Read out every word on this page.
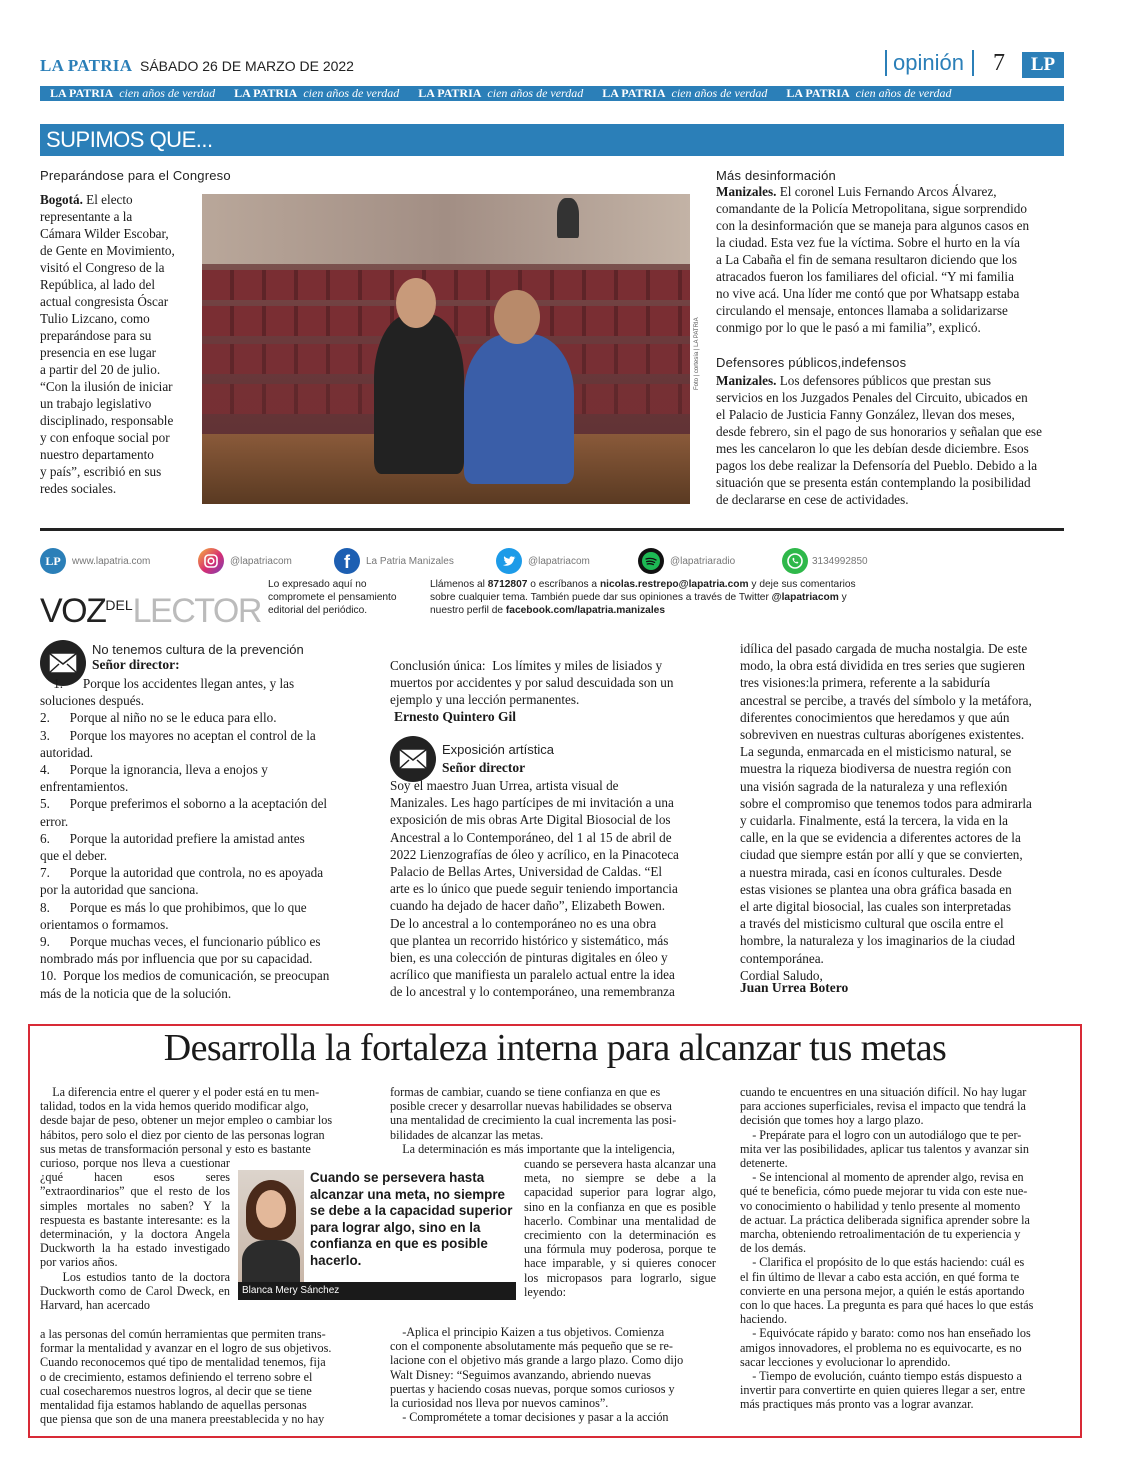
LA PATRIA SÁBADO 26 DE MARZO DE 2022	opinión	7	LP
LA PATRIA cien años de verdad LA PATRIA cien años de verdad LA PATRIA cien años de verdad LA PATRIA cien años de verdad LA PATRIA cien años de verdad
SUPIMOS QUE...
Preparándose para el Congreso
Bogotá. El electo
representante a la
Cámara Wilder Escobar,
de Gente en Movimiento,
visitó el Congreso de la
República, al lado del
actual congresista Óscar
Tulio Lizcano, como
preparándose para su
presencia en ese lugar
a partir del 20 de julio.
“Con la ilusión de iniciar
un trabajo legislativo
disciplinado, responsable
y con enfoque social por
nuestro departamento
y país”, escribió en sus
redes sociales.
Foto | cortesía | LA PATRIA
Más desinformación
Manizales. El coronel Luis Fernando Arcos Álvarez,
comandante de la Policía Metropolitana, sigue sorprendido
con la desinformación que se maneja para algunos casos en
la ciudad. Esta vez fue la víctima. Sobre el hurto en la vía
a La Cabaña el fin de semana resultaron diciendo que los
atracados fueron los familiares del oficial. “Y mi familia
no vive acá. Una líder me contó que por Whatsapp estaba
circulando el mensaje, entonces llamaba a solidarizarse
conmigo por lo que le pasó a mi familia”, explicó.
Defensores públicos,indefensos
Manizales. Los defensores públicos que prestan sus
servicios en los Juzgados Penales del Circuito, ubicados en
el Palacio de Justicia Fanny González, llevan dos meses,
desde febrero, sin el pago de sus honorarios y señalan que ese
mes les cancelaron lo que les debían desde diciembre. Esos
pagos los debe realizar la Defensoría del Pueblo. Debido a la
situación que se presenta están contemplando la posibilidad
de declararse en cese de actividades.
LP	www.lapatria.com	@lapatriacom	f	La Patria Manizales	@lapatriacom	@lapatriaradio	3134992850
$VOZ^{DEL}LECTOR$
Lo expresado aquí no compromete el pensamiento editorial del periódico.
Llámenos al 8712807 o escríbanos a nicolas.restrepo@lapatria.com y deje sus comentarios sobre cualquier tema. También puede dar sus opiniones a través de Twitter @lapatriacom y nuestro perfil de facebook.com/lapatria.manizales
No tenemos cultura de la prevención
Señor director:
1.      Porque los accidentes llegan antes, y las
soluciones después.
2.      Porque al niño no se le educa para ello.
3.      Porque los mayores no aceptan el control de la
autoridad.
4.      Porque la ignorancia, lleva a enojos y
enfrentamientos.
5.      Porque preferimos el soborno a la aceptación del
error.
6.      Porque la autoridad prefiere la amistad antes
que el deber.
7.      Porque la autoridad que controla, no es apoyada
por la autoridad que sanciona.
8.      Porque es más lo que prohibimos, que lo que
orientamos o formamos.
9.      Porque muchas veces, el funcionario público es
nombrado más por influencia que por su capacidad.
10.  Porque los medios de comunicación, se preocupan
más de la noticia que de la solución.
Conclusión única:  Los límites y miles de lisiados y
muertos por accidentes y por salud descuidada son un
ejemplo y una lección permanentes.
Ernesto Quintero Gil
Exposición artística
Señor director
Soy el maestro Juan Urrea, artista visual de
Manizales. Les hago partícipes de mi invitación a una
exposición de mis obras Arte Digital Biosocial de los
Ancestral a lo Contemporáneo, del 1 al 15 de abril de
2022 Lienzografías de óleo y acrílico, en la Pinacoteca
Palacio de Bellas Artes, Universidad de Caldas. “El
arte es lo único que puede seguir teniendo importancia
cuando ha dejado de hacer daño”, Elizabeth Bowen.
De lo ancestral a lo contemporáneo no es una obra
que plantea un recorrido histórico y sistemático, más
bien, es una colección de pinturas digitales en óleo y
acrílico que manifiesta un paralelo actual entre la idea
de lo ancestral y lo contemporáneo, una remembranza
idílica del pasado cargada de mucha nostalgia. De este
modo, la obra está dividida en tres series que sugieren
tres visiones:la primera, referente a la sabiduría
ancestral se percibe, a través del símbolo y la metáfora,
diferentes conocimientos que heredamos y que aún
sobreviven en nuestras culturas aborígenes existentes.
La segunda, enmarcada en el misticismo natural, se
muestra la riqueza biodiversa de nuestra región con
una visión sagrada de la naturaleza y una reflexión
sobre el compromiso que tenemos todos para admirarla
y cuidarla. Finalmente, está la tercera, la vida en la
calle, en la que se evidencia a diferentes actores de la
ciudad que siempre están por allí y que se convierten,
a nuestra mirada, casi en íconos culturales. Desde
estas visiones se plantea una obra gráfica basada en
el arte digital biosocial, las cuales son interpretadas
a través del misticismo cultural que oscila entre el
hombre, la naturaleza y los imaginarios de la ciudad
contemporánea.
Cordial Saludo,
Juan Urrea Botero
Desarrolla la fortaleza interna para alcanzar tus metas
La diferencia entre el querer y el poder está en tu men-
talidad, todos en la vida hemos querido modificar algo,
desde bajar de peso, obtener un mejor empleo o cambiar los
hábitos, pero solo el diez por ciento de las personas logran
sus metas de transformación personal y esto es bastante
curioso, porque nos lleva a cuestionar ¿qué hacen esos seres ”extraordinarios” que el resto de los simples mortales no saben? Y la respuesta es bastante interesante: es la determinación, y la doctora Angela Duckworth la ha estado investigado por varios años.
Los estudios tanto de la doctora Duckworth como de Carol Dweck, en Harvard, han acercado
a las personas del común herramientas que permiten trans-
formar la mentalidad y avanzar en el logro de sus objetivos.
Cuando reconocemos qué tipo de mentalidad tenemos, fija
o de crecimiento, estamos definiendo el terreno sobre el
cual cosecharemos nuestros logros, al decir que se tiene
mentalidad fija estamos hablando de aquellas personas
que piensa que son de una manera preestablecida y no hay
Cuando se persevera hasta alcanzar una meta, no siempre se debe a la capacidad superior para lograr algo, sino en la confianza en que es posible hacerlo.
Blanca Mery Sánchez
formas de cambiar, cuando se tiene confianza en que es
posible crecer y desarrollar nuevas habilidades se observa
una mentalidad de crecimiento la cual incrementa las posi-
bilidades de alcanzar las metas.
La determinación es más importante que la inteligencia,
cuando se persevera hasta alcanzar una meta, no siempre se debe a la capacidad superior para lograr algo, sino en la confianza en que es posible hacerlo. Combinar una mentalidad de crecimiento con la determinación es una fórmula muy poderosa, porque te hace imparable, y si quieres conocer los micropasos para lograrlo, sigue leyendo:
-Aplica el principio Kaizen a tus objetivos. Comienza
con el componente absolutamente más pequeño que se re-
lacione con el objetivo más grande a largo plazo. Como dijo
Walt Disney: “Seguimos avanzando, abriendo nuevas
puertas y haciendo cosas nuevas, porque somos curiosos y
la curiosidad nos lleva por nuevos caminos”.
- Comprométete a tomar decisiones y pasar a la acción
cuando te encuentres en una situación difícil. No hay lugar
para acciones superficiales, revisa el impacto que tendrá la
decisión que tomes hoy a largo plazo.
- Prepárate para el logro con un autodiálogo que te per-
mita ver las posibilidades, aplicar tus talentos y avanzar sin
detenerte.
- Se intencional al momento de aprender algo, revisa en
qué te beneficia, cómo puede mejorar tu vida con este nue-
vo conocimiento o habilidad y tenlo presente al momento
de actuar. La práctica deliberada significa aprender sobre la
marcha, obteniendo retroalimentación de tu experiencia y
de los demás.
- Clarifica el propósito de lo que estás haciendo: cuál es
el fin último de llevar a cabo esta acción, en qué forma te
convierte en una persona mejor, a quién le estás aportando
con lo que haces. La pregunta es para qué haces lo que estás
haciendo.
- Equivócate rápido y barato: como nos han enseñado los
amigos innovadores, el problema no es equivocarte, es no
sacar lecciones y evolucionar lo aprendido.
- Tiempo de evolución, cuánto tiempo estás dispuesto a
invertir para convertirte en quien quieres llegar a ser, entre
más practiques más pronto vas a lograr avanzar.
